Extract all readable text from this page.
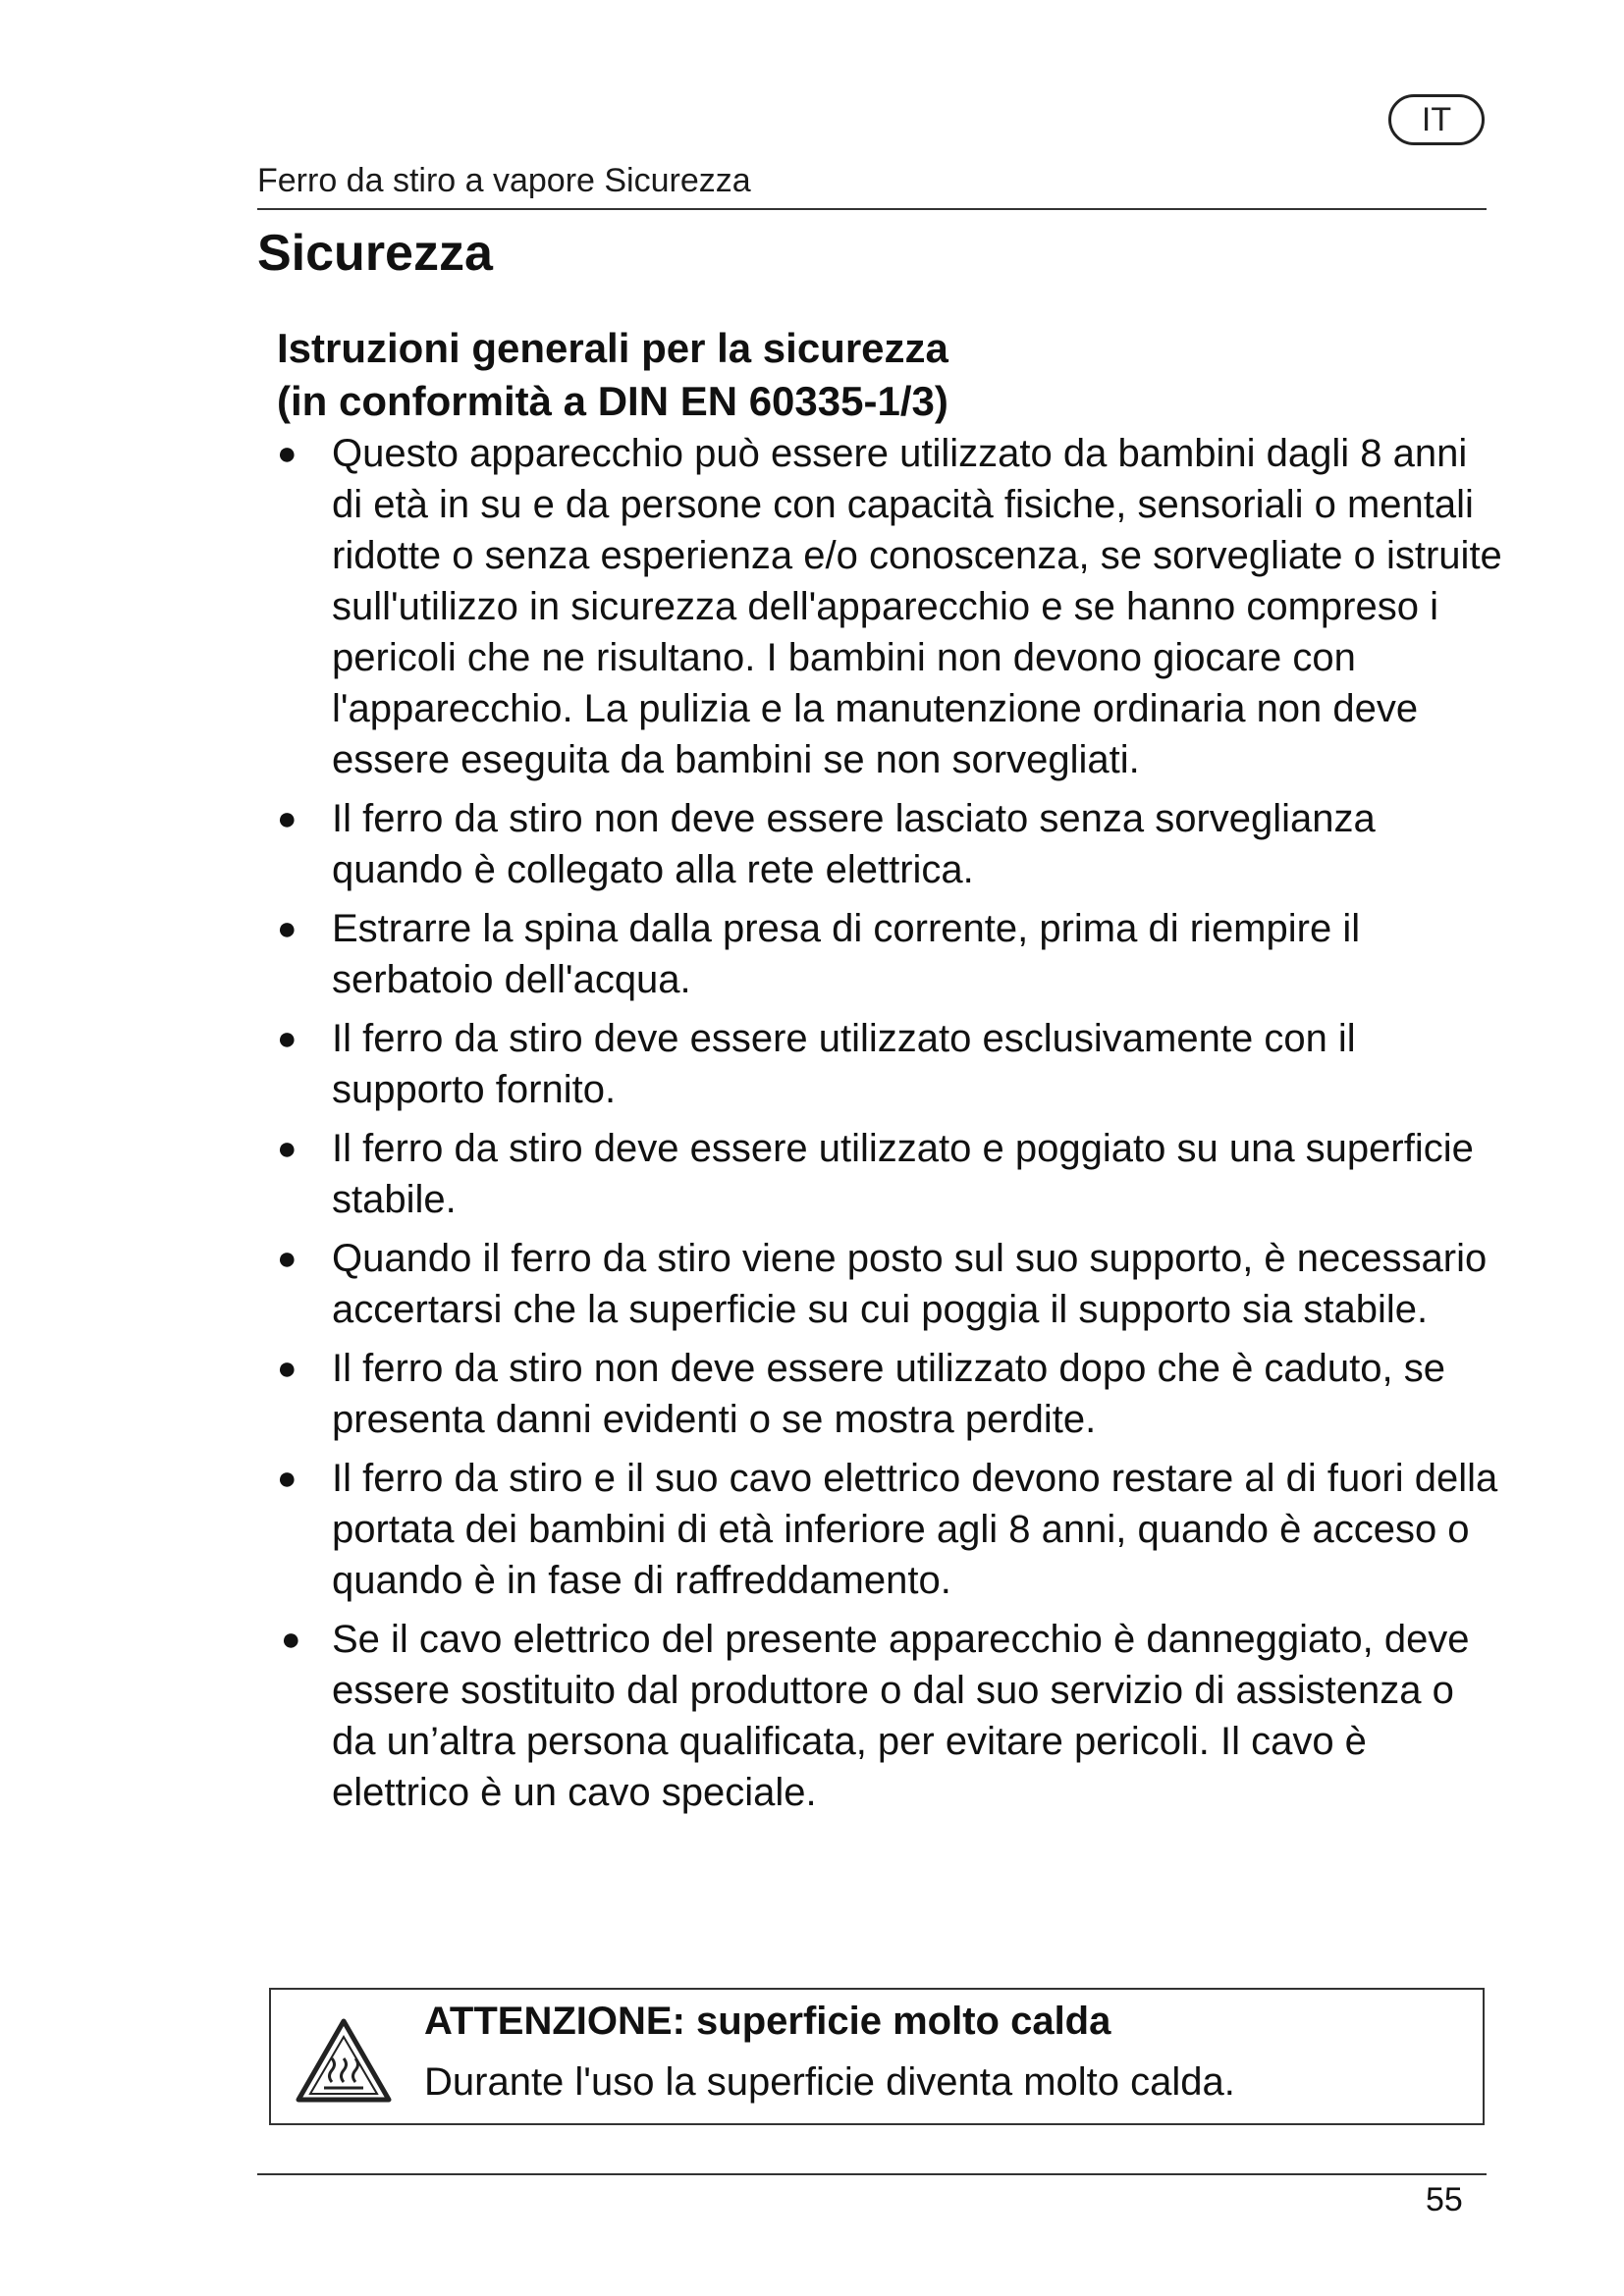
IT
Ferro da stiro a vapore Sicurezza
Sicurezza
Istruzioni generali per la sicurezza
(in conformità a DIN EN 60335-1/3)
● Questo apparecchio può essere utilizzato da bambini dagli 8 anni di età in su e da persone con capacità fisiche, sensoriali o mentali ridotte o senza esperienza e/o conoscenza, se sorvegliate o istruite sull'utilizzo in sicurezza dell'apparecchio e se hanno compreso i pericoli che ne risultano. I bambini non devono giocare con l'apparecchio. La pulizia e la manutenzione ordinaria non deve essere eseguita da bambini se non sorvegliati.
● Il ferro da stiro non deve essere lasciato senza sorveglianza quando è collegato alla rete elettrica.
● Estrarre la spina dalla presa di corrente, prima di riempire il serbatoio dell'acqua.
● Il ferro da stiro deve essere utilizzato esclusivamente con il supporto fornito.
● Il ferro da stiro deve essere utilizzato e poggiato su una superficie stabile.
● Quando il ferro da stiro viene posto sul suo supporto, è necessario accertarsi che la superficie su cui poggia il supporto sia stabile.
● Il ferro da stiro non deve essere utilizzato dopo che è caduto, se presenta danni evidenti o se mostra perdite.
● Il ferro da stiro e il suo cavo elettrico devono restare al di fuori della portata dei bambini di età inferiore agli 8 anni, quando è acceso o quando è in fase di raffreddamento.
● Se il cavo elettrico del presente apparecchio è danneggiato, deve essere sostituito dal produttore o dal suo servizio di assistenza o da un’altra persona qualificata, per evitare pericoli. Il cavo è elettrico è un cavo speciale.
ATTENZIONE: superficie molto calda
Durante l'uso la superficie diventa molto calda.
55
